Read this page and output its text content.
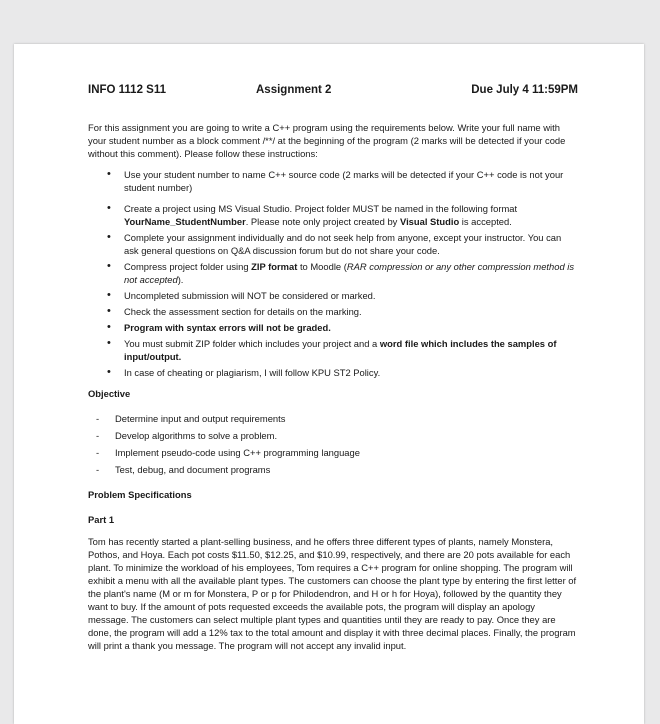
INFO 1112 S11	Assignment 2	Due July 4 11:59PM

For this assignment you are going to write a C++ program using the requirements below. Write your full name with your student number as a block comment /**/ at the beginning of the program (2 marks will be detected if your code without this comment). Please follow these instructions:

• Use your student number to name C++ source code (2 marks will be detected if your C++ code is not your student number)
• Create a project using MS Visual Studio. Project folder MUST be named in the following format YourName_StudentNumber. Please note only project created by Visual Studio is accepted.
• Complete your assignment individually and do not seek help from anyone, except your instructor. You can ask general questions on Q&A discussion forum but do not share your code.
• Compress project folder using ZIP format to Moodle (RAR compression or any other compression method is not accepted).
• Uncompleted submission will NOT be considered or marked.
• Check the assessment section for details on the marking.
• Program with syntax errors will not be graded.
• You must submit ZIP folder which includes your project and a word file which includes the samples of input/output.
• In case of cheating or plagiarism, I will follow KPU ST2 Policy.

Objective

- Determine input and output requirements
- Develop algorithms to solve a problem.
- Implement pseudo-code using C++ programming language
- Test, debug, and document programs

Problem Specifications

Part 1

Tom has recently started a plant-selling business, and he offers three different types of plants, namely Monstera, Pothos, and Hoya. Each pot costs $11.50, $12.25, and $10.99, respectively, and there are 20 pots available for each plant. To minimize the workload of his employees, Tom requires a C++ program for online shopping. The program will exhibit a menu with all the available plant types. The customers can choose the plant type by entering the first letter of the plant's name (M or m for Monstera, P or p for Philodendron, and H or h for Hoya), followed by the quantity they want to buy. If the amount of pots requested exceeds the available pots, the program will display an apology message. The customers can select multiple plant types and quantities until they are ready to pay. Once they are done, the program will add a 12% tax to the total amount and display it with three decimal places. Finally, the program will print a thank you message. The program will not accept any invalid input.
